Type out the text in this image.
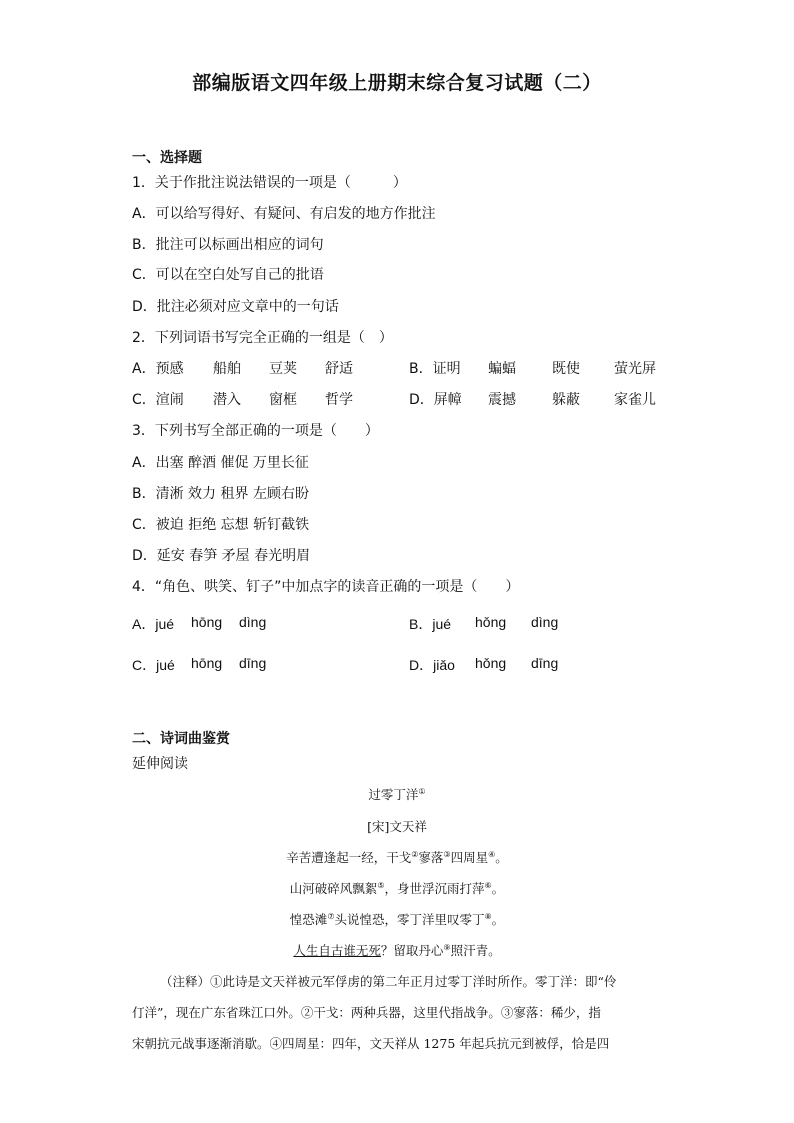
部编版语文四年级上册期末综合复习试题（二）
一、选择题
1．关于作批注说法错误的一项是（　　　）
A．可以给写得好、有疑问、有启发的地方作批注
B．批注可以标画出相应的词句
C．可以在空白处写自己的批语
D．批注必须对应文章中的一句话
2．下列词语书写完全正确的一组是（　）
A．预感 船舶 豆荚 舒适	B．证明 蝙蝠	既使 萤光屏
C．渲闹 潜入 窗框 哲学	D．屏幛 震撼	躲蔽 家雀儿
3．下列书写全部正确的一项是（　　）
A．出塞 醉酒 催促 万里长征
B．清淅 效力 租界 左顾右盼
C．被迫 拒绝 忘想 斩钉截铁
D．延安 春笋 矛屋 春光明眉
4．“角色、哄笑、钉子”中加点字的读音正确的一项是（　　）
A．jué hōng dìng	B．jué hǒng dìng
C．jué hōng dīng	D．jiǎo hǒng dīng
二、诗词曲鉴赏
延伸阅读
过零丁洋①
[宋]文天祥
辛苦遭逢起一经，干戈②寥落③四周星④。
山河破碎风飘絮⑤，身世浮沉雨打萍⑥。
惶恐滩⑦头说惶恐，零丁洋里叹零丁⑧。
人生自古谁无死？留取丹心⑨照汗青。
（注释）①此诗是文天祥被元军俘虏的第二年正月过零丁洋时所作。零丁洋：即“伶
仃洋”，现在广东省珠江口外。②干戈：两种兵器，这里代指战争。③寥落：稀少，指
宋朝抗元战事逐渐消歇。④四周星：四年，文天祥从 1275 年起兵抗元到被俘，恰是四
